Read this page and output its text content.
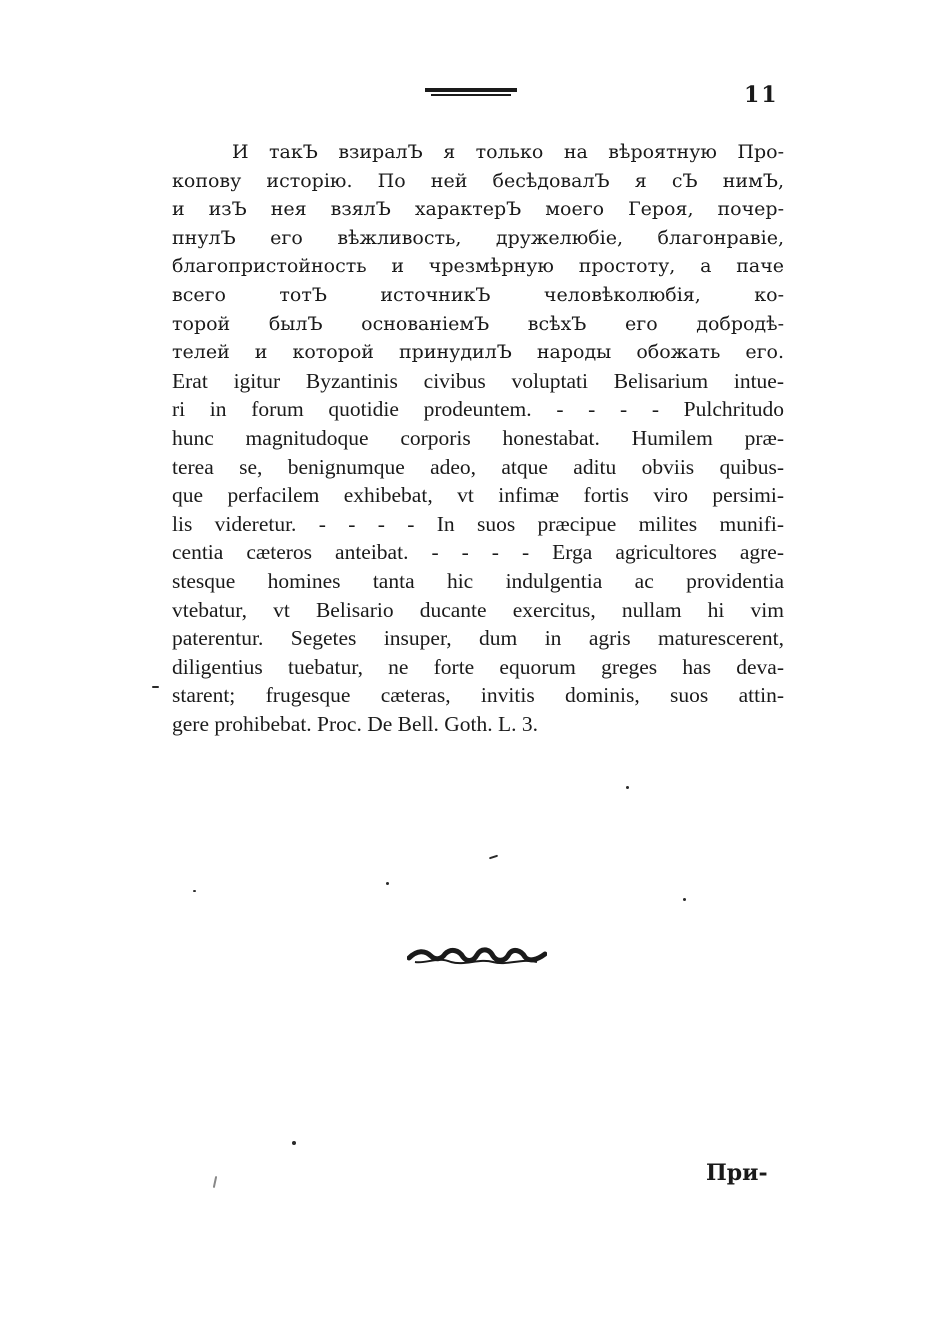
11
И такЪ взиралЪ я только на вѣроятную Про-
копову исторію. По ней бесѣдовалЪ я сЪ нимЪ,
и изЪ нея взялЪ характерЪ моего Героя, почер-
пнулЪ его вѣжливость, дружелюбіе, благонравіе,
благопристойность и чрезмѣрную простоту, а паче
всего тотЪ источникЪ человѣколюбія, ко-
торой былЪ основаніемЪ всѣхЪ его добродѣ-
телей и которой принудилЪ народы обожать его.
Erat igitur Byzantinis civibus voluptati Belisarium intue-
ri in forum quotidie prodeuntem. - - - - Pulchritudo
hunc magnitudoque corporis honestabat. Humilem præ-
terea se, benignumque adeo, atque aditu obviis quibus-
que perfacilem exhibebat, vt infimæ fortis viro persimi-
lis videretur. - - - - In suos præcipue milites munifi-
centia cæteros anteibat. - - - - Erga agricultores agre-
stesque homines tanta hic indulgentia ac providentia
vtebatur, vt Belisario ducante exercitus, nullam hi vim
paterentur. Segetes insuper, dum in agris maturescerent,
diligentius tuebatur, ne forte equorum greges has deva-
starent; frugesque cæteras, invitis dominis, suos attin-
gere prohibebat. Proc. De Bell. Goth. L. 3.
При-
